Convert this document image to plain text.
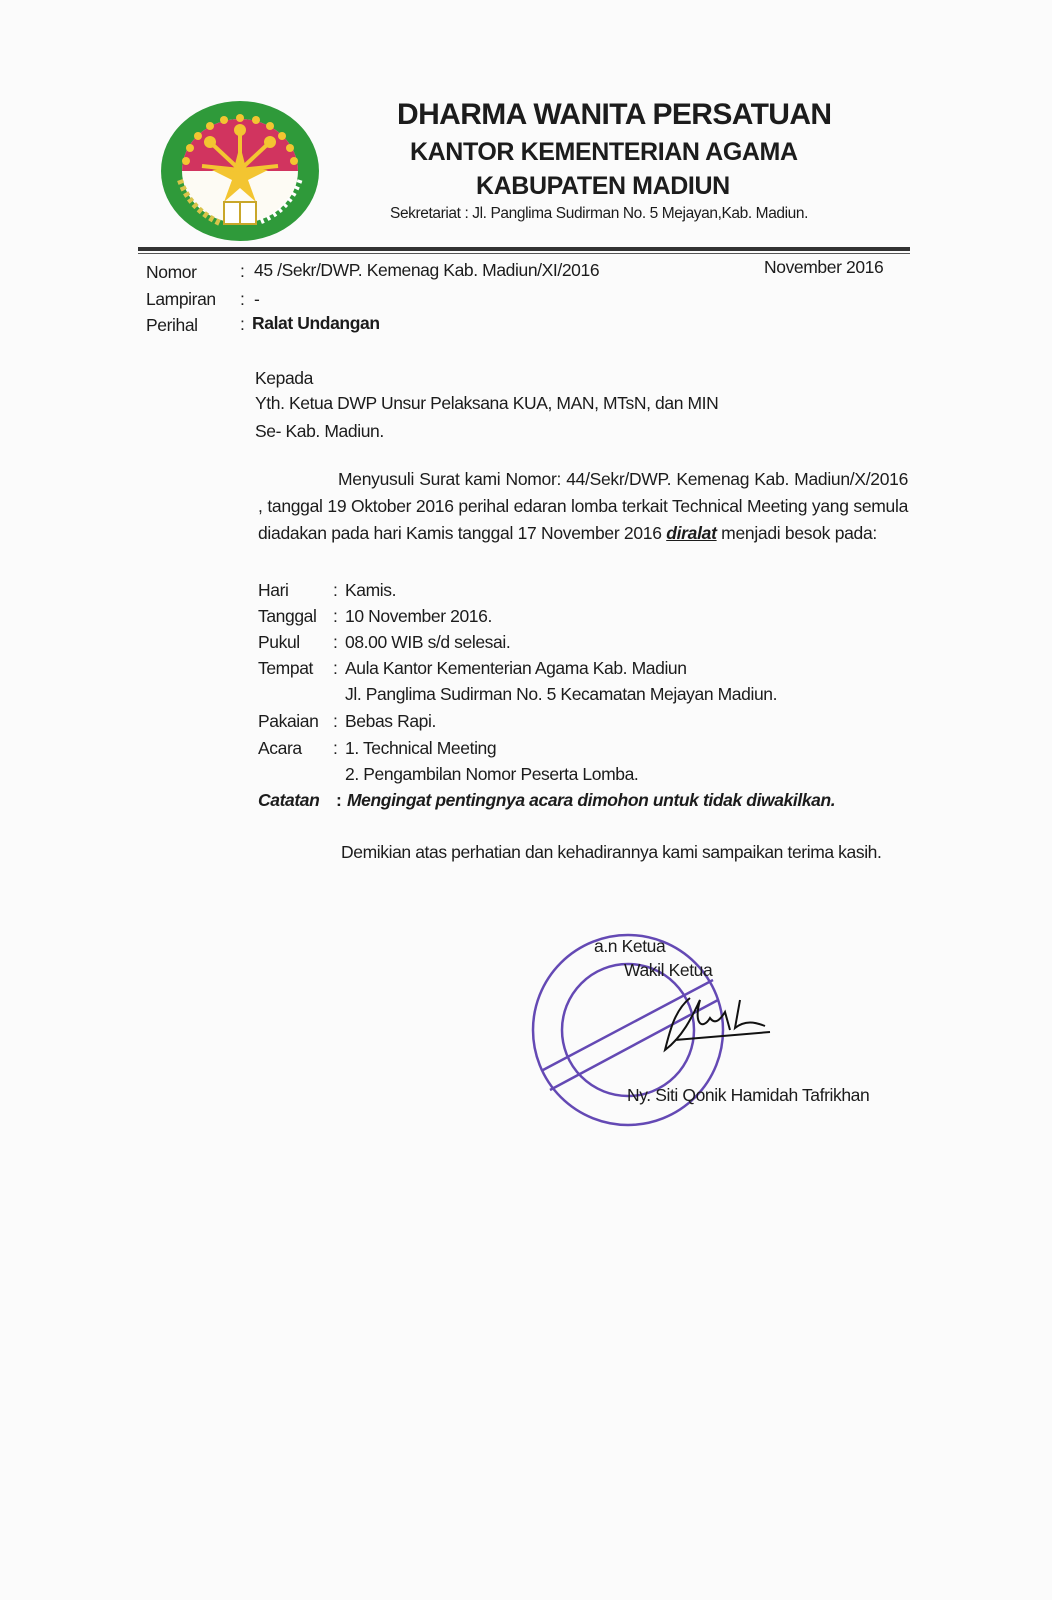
DHARMA WANITA PERSATUAN
KANTOR KEMENTERIAN AGAMA
KABUPATEN MADIUN
Sekretariat : Jl. Panglima Sudirman No. 5 Mejayan,Kab. Madiun.
Nomor : 45 /Sekr/DWP. Kemenag Kab. Madiun/XI/2016	November 2016
Lampiran : -
Perihal : Ralat Undangan
Kepada
Yth. Ketua DWP Unsur Pelaksana KUA, MAN, MTsN, dan MIN
Se- Kab. Madiun.
Menyusuli Surat kami Nomor: 44/Sekr/DWP. Kemenag Kab. Madiun/X/2016 , tanggal 19 Oktober 2016 perihal edaran lomba terkait Technical Meeting yang semula diadakan pada hari Kamis tanggal 17 November 2016 diralat menjadi besok pada:
Hari	: Kamis.
Tanggal : 10 November 2016.
Pukul : 08.00 WIB s/d selesai.
Tempat : Aula Kantor Kementerian Agama Kab. Madiun
Jl. Panglima Sudirman No. 5 Kecamatan Mejayan Madiun.
Pakaian : Bebas Rapi.
Acara : 1. Technical Meeting
2. Pengambilan Nomor Peserta Lomba.
Catatan : Mengingat pentingnya acara dimohon untuk tidak diwakilkan.
Demikian atas perhatian dan kehadirannya kami sampaikan terima kasih.
a.n Ketua
Wakil Ketua
Ny. Siti Qonik Hamidah Tafrikhan
